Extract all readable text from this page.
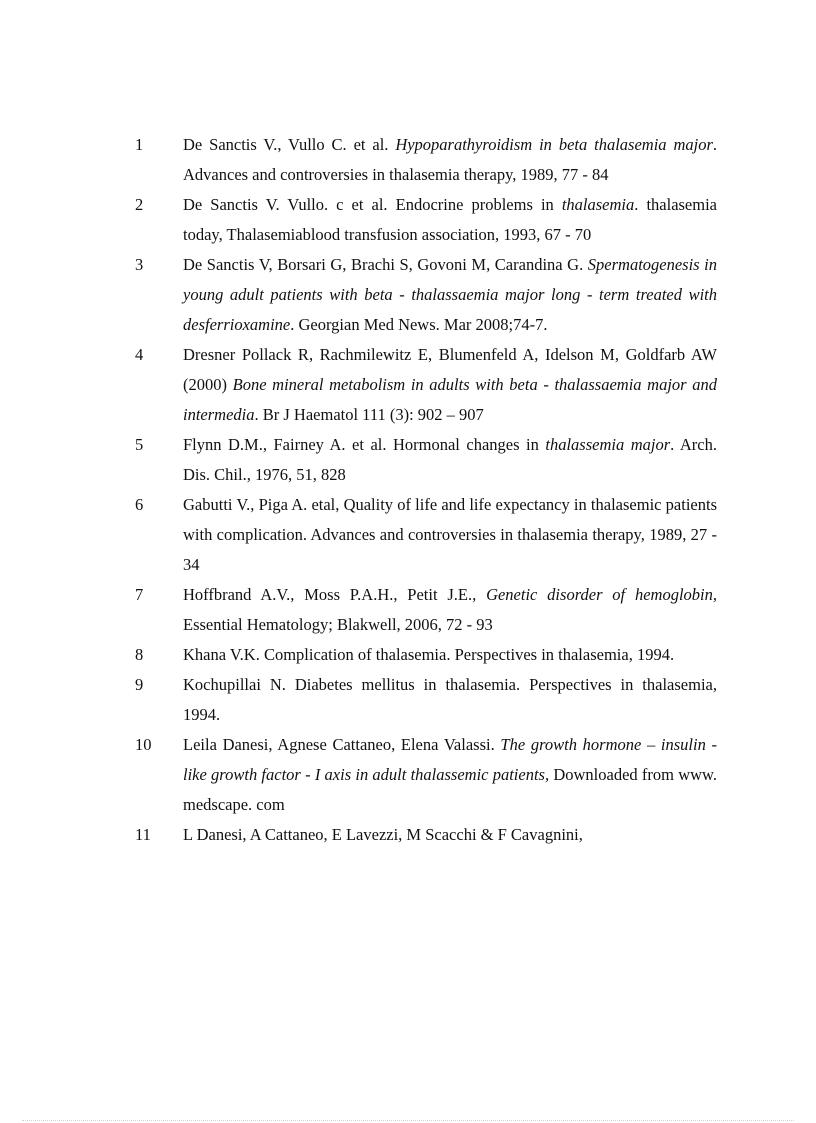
1	De Sanctis V., Vullo C. et al. Hypoparathyroidism in beta thalasemia major. Advances and controversies in thalasemia therapy, 1989, 77 - 84
2	De Sanctis V. Vullo. c et al. Endocrine problems in thalasemia. thalasemia today, Thalasemiablood transfusion association, 1993, 67 - 70
3	De Sanctis V, Borsari G, Brachi S, Govoni M, Carandina G. Spermatogenesis in young adult patients with beta - thalassaemia major long - term treated with desferrioxamine. Georgian Med News. Mar 2008;74-7.
4	Dresner Pollack R, Rachmilewitz E, Blumenfeld A, Idelson M, Goldfarb AW (2000) Bone mineral metabolism in adults with beta - thalassaemia major and intermedia. Br J Haematol 111 (3): 902 – 907
5	Flynn D.M., Fairney A. et al. Hormonal changes in thalassemia major. Arch. Dis. Chil., 1976, 51, 828
6	Gabutti V., Piga A. etal, Quality of life and life expectancy in thalasemic patients with complication. Advances and controversies in thalasemia therapy, 1989, 27 - 34
7	Hoffbrand A.V., Moss P.A.H., Petit J.E., Genetic disorder of hemoglobin, Essential Hematology; Blakwell, 2006, 72 - 93
8	Khana V.K. Complication of thalasemia. Perspectives in thalasemia, 1994.
9	Kochupillai N. Diabetes mellitus in thalasemia. Perspectives in thalasemia, 1994.
10	Leila Danesi, Agnese Cattaneo, Elena Valassi. The growth hormone – insulin - like growth factor - I axis in adult thalassemic patients, Downloaded from www. medscape. com
11	L Danesi, A Cattaneo, E Lavezzi, M Scacchi & F Cavagnini,
